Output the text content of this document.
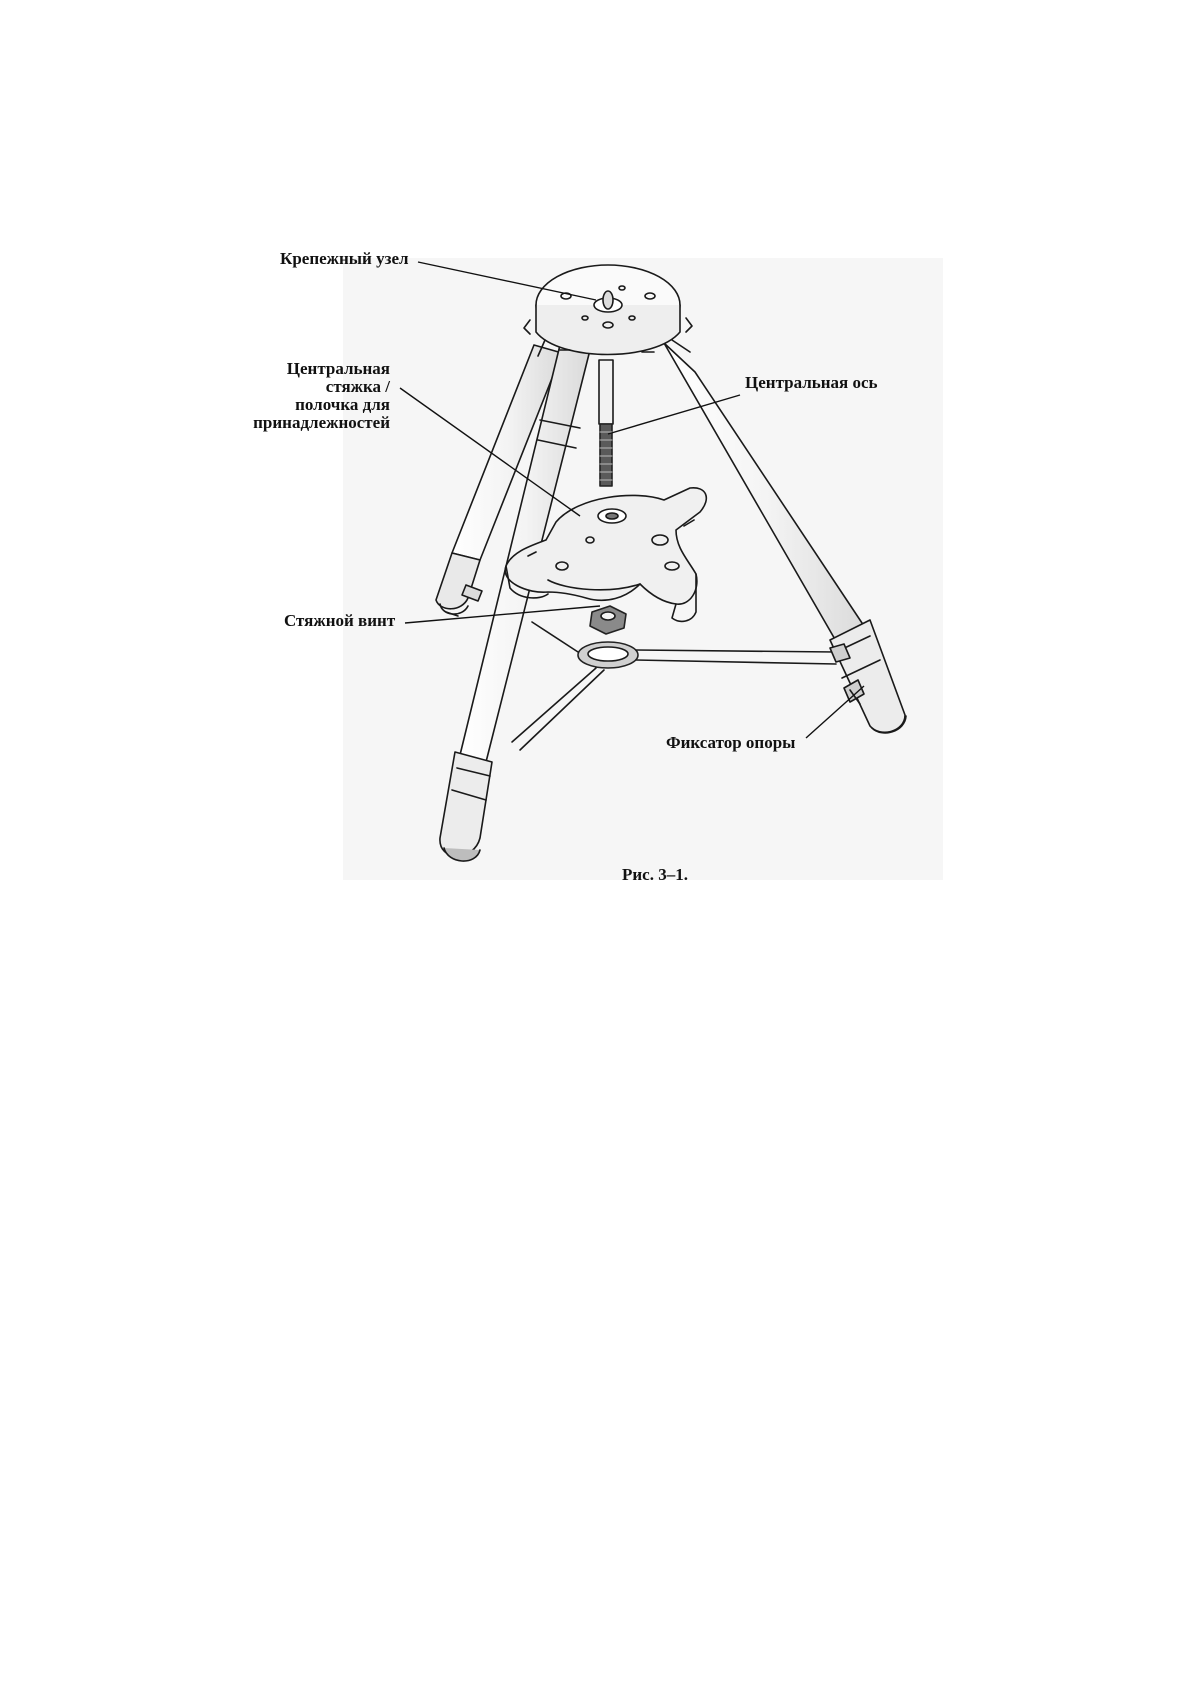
Крепежный узел
Центральная
стяжка /
полочка для
принадлежностей
Центральная ось
Стяжной винт
Фиксатор опоры
Рис. 3–1.
